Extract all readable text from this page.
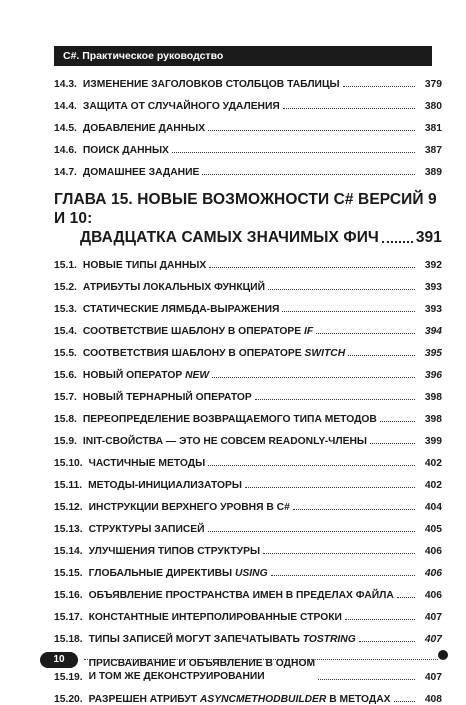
C#. Практическое руководство
14.3. ИЗМЕНЕНИЕ ЗАГОЛОВКОВ СТОЛБЦОВ ТАБЛИЦЫ	379
14.4. ЗАЩИТА ОТ СЛУЧАЙНОГО УДАЛЕНИЯ	380
14.5. ДОБАВЛЕНИЕ ДАННЫХ	381
14.6. ПОИСК ДАННЫХ	387
14.7. ДОМАШНЕЕ ЗАДАНИЕ	389
ГЛАВА 15. НОВЫЕ ВОЗМОЖНОСТИ C# ВЕРСИЙ 9 И 10:
ДВАДЦАТКА САМЫХ ЗНАЧИМЫХ ФИЧ 391
15.1. НОВЫЕ ТИПЫ ДАННЫХ	392
15.2. АТРИБУТЫ ЛОКАЛЬНЫХ ФУНКЦИЙ	393
15.3. СТАТИЧЕСКИЕ ЛЯМБДА-ВЫРАЖЕНИЯ	393
15.4. СООТВЕТСТВИЕ ШАБЛОНУ В ОПЕРАТОРЕ IF	394
15.5. СООТВЕТСТВИЯ ШАБЛОНУ В ОПЕРАТОРЕ SWITCH	395
15.6. НОВЫЙ ОПЕРАТОР NEW	396
15.7. НОВЫЙ ТЕРНАРНЫЙ ОПЕРАТОР	398
15.8. ПЕРЕОПРЕДЕЛЕНИЕ ВОЗВРАЩАЕМОГО ТИПА МЕТОДОВ	398
15.9. INIT-СВОЙСТВА — ЭТО НЕ СОВСЕМ READONLY-ЧЛЕНЫ	399
15.10. ЧАСТИЧНЫЕ МЕТОДЫ	402
15.11. МЕТОДЫ-ИНИЦИАЛИЗАТОРЫ	402
15.12. ИНСТРУКЦИИ ВЕРХНЕГО УРОВНЯ В C#	404
15.13. СТРУКТУРЫ ЗАПИСЕЙ	405
15.14. УЛУЧШЕНИЯ ТИПОВ СТРУКТУРЫ	406
15.15. ГЛОБАЛЬНЫЕ ДИРЕКТИВЫ USING	406
15.16. ОБЪЯВЛЕНИЕ ПРОСТРАНСТВА ИМЕН В ПРЕДЕЛАХ ФАЙЛА	406
15.17. КОНСТАНТНЫЕ ИНТЕРПОЛИРОВАННЫЕ СТРОКИ	407
15.18. ТИПЫ ЗАПИСЕЙ МОГУТ ЗАПЕЧАТЫВАТЬ TOSTRING	407
15.19.
ПРИСВАИВАНИЕ И ОБЪЯВЛЕНИЕ В ОДНОМ
И ТОМ ЖЕ ДЕКОНСТРУИРОВАНИИ	407
15.20. РАЗРЕШЕН АТРИБУТ ASYNCMETHODBUILDER В МЕТОДАХ	408
10
